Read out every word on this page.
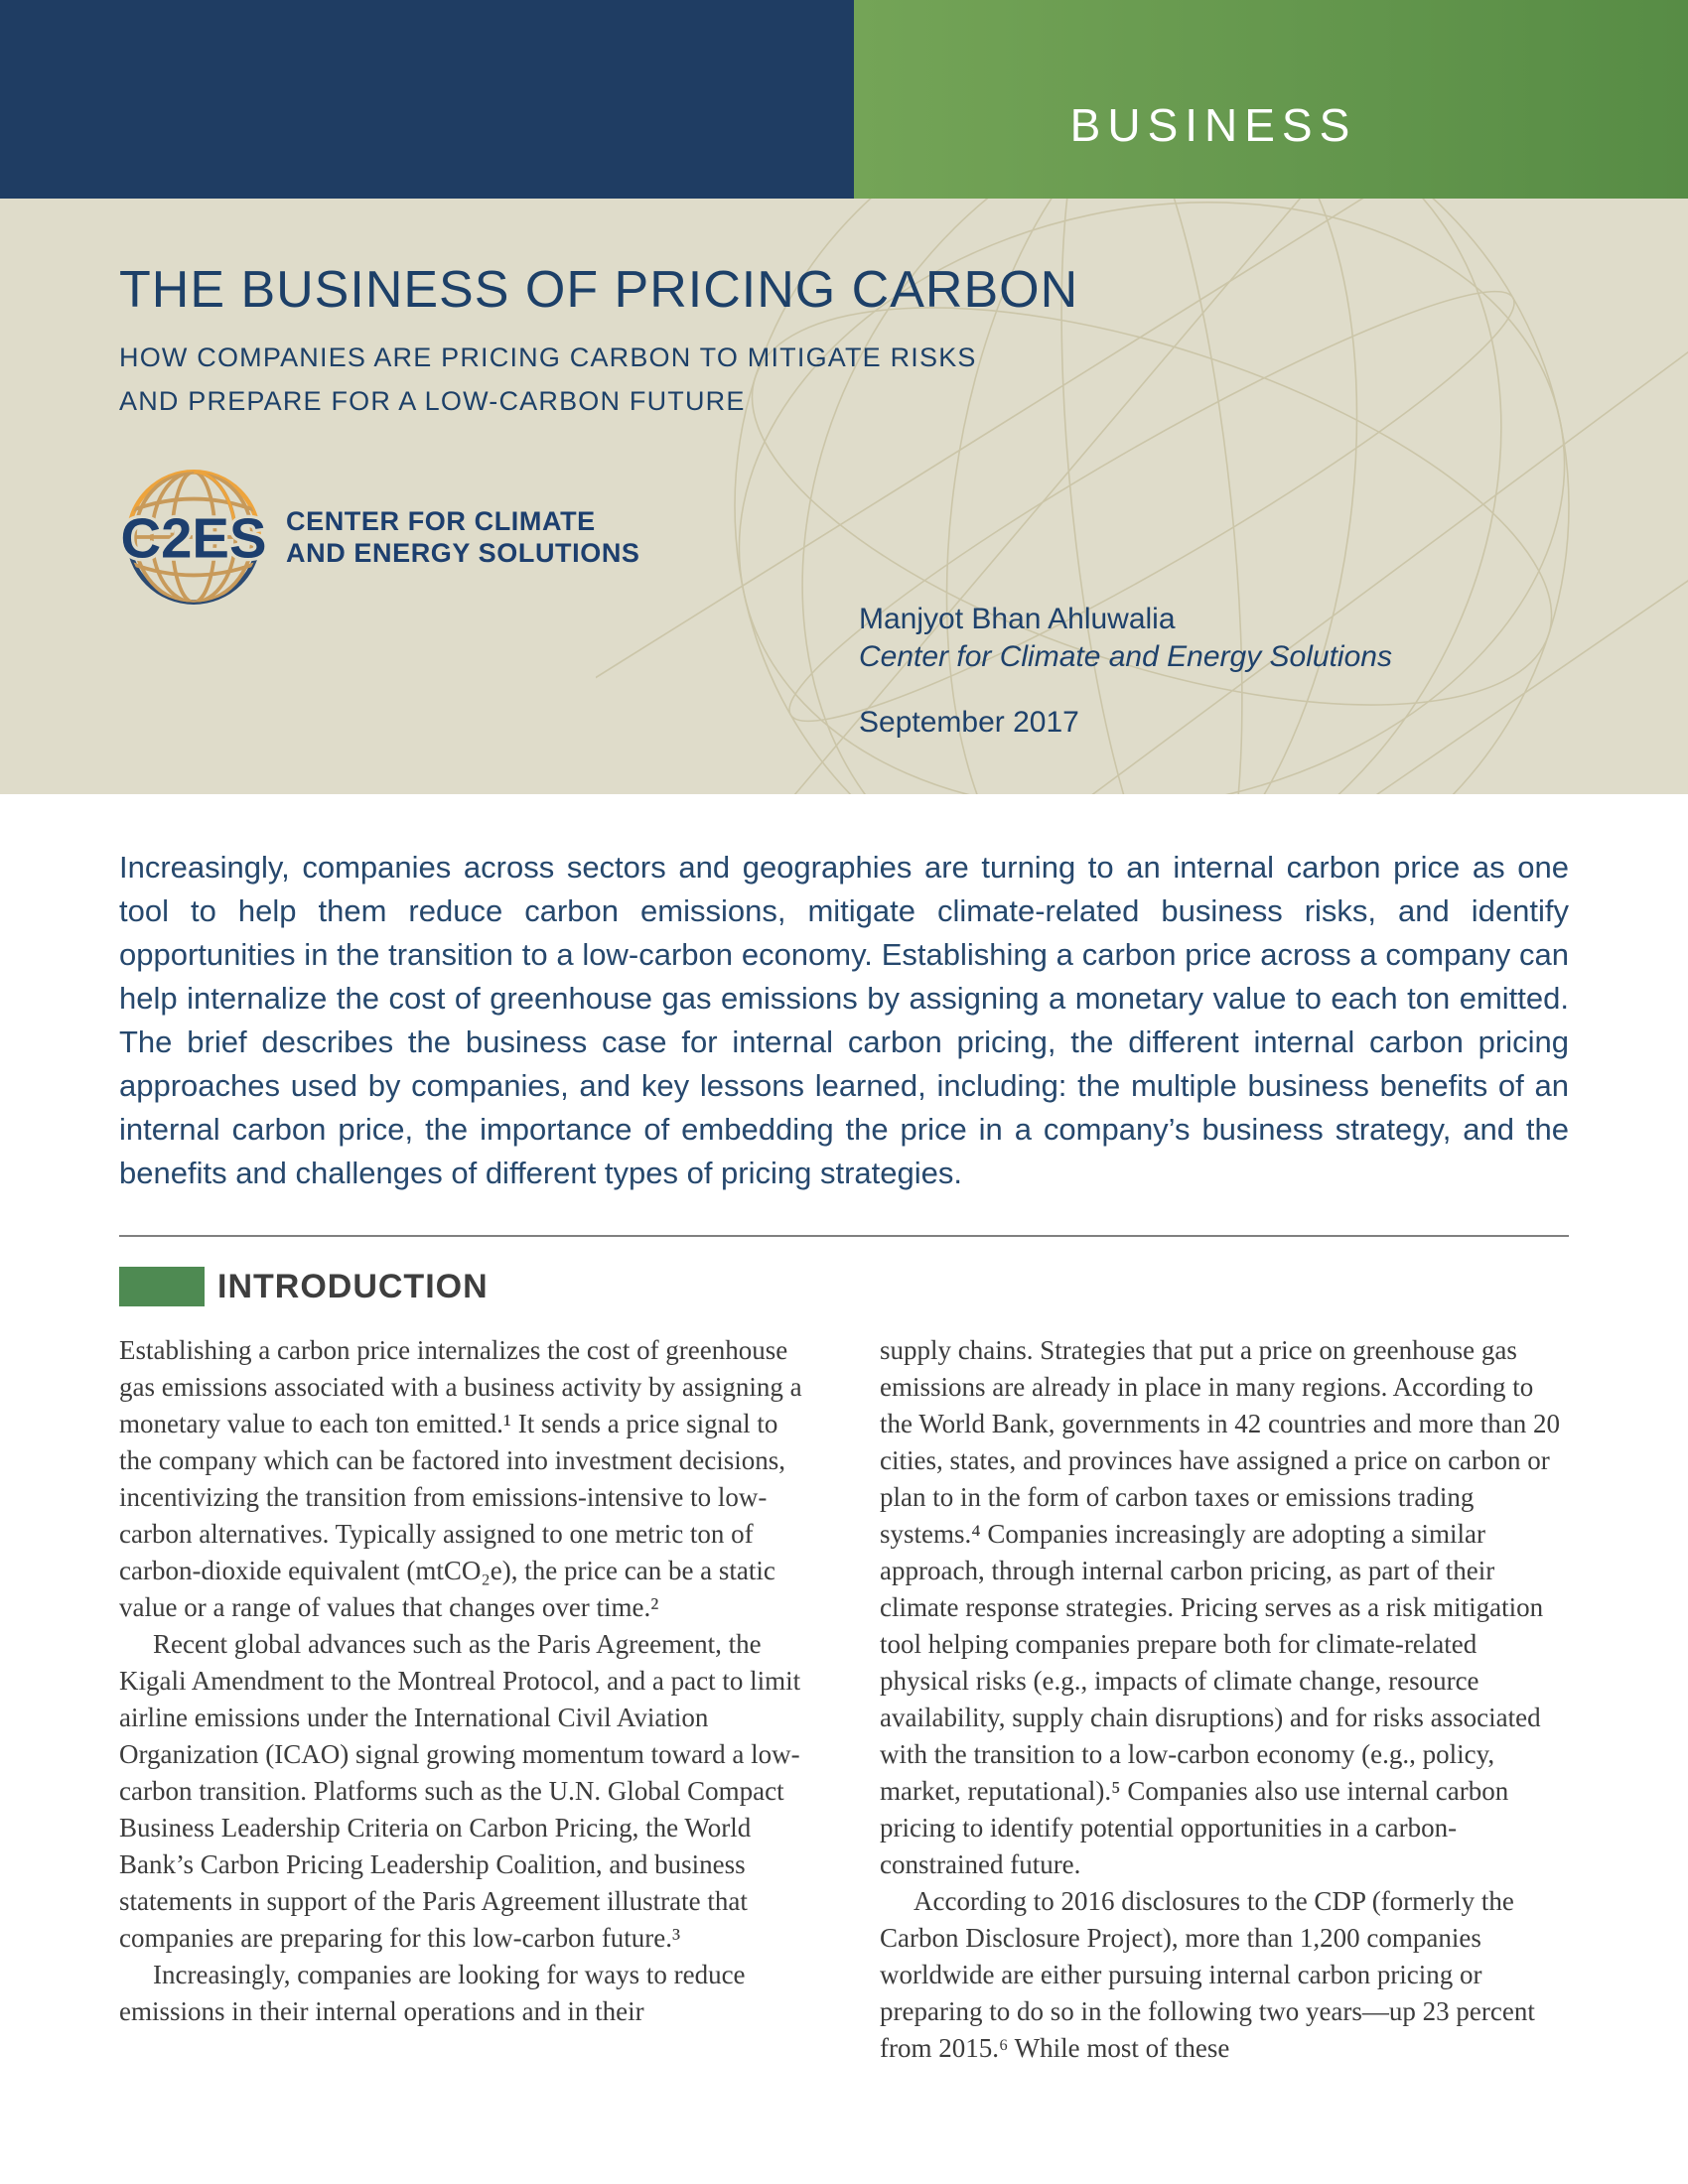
BUSINESS
THE BUSINESS OF PRICING CARBON
HOW COMPANIES ARE PRICING CARBON TO MITIGATE RISKS
AND PREPARE FOR A LOW-CARBON FUTURE
C2ES CENTER FOR CLIMATE
AND ENERGY SOLUTIONS
Manjyot Bhan Ahluwalia
Center for Climate and Energy Solutions
September 2017

Increasingly, companies across sectors and geographies are turning to an internal carbon price as one tool to help them reduce carbon emissions, mitigate climate-related business risks, and identify opportunities in the transition to a low-carbon economy. Establishing a carbon price across a company can help internalize the cost of greenhouse gas emissions by assigning a monetary value to each ton emitted. The brief describes the business case for internal carbon pricing, the different internal carbon pricing approaches used by companies, and key lessons learned, including: the multiple business benefits of an internal carbon price, the importance of embedding the price in a company’s business strategy, and the benefits and challenges of different types of pricing strategies.

INTRODUCTION

Establishing a carbon price internalizes the cost of greenhouse gas emissions associated with a business activity by assigning a monetary value to each ton emitted.¹ It sends a price signal to the company which can be factored into investment decisions, incentivizing the transition from emissions-intensive to low-carbon alternatives. Typically assigned to one metric ton of carbon-dioxide equivalent (mtCO₂e), the price can be a static value or a range of values that changes over time.²

Recent global advances such as the Paris Agreement, the Kigali Amendment to the Montreal Protocol, and a pact to limit airline emissions under the International Civil Aviation Organization (ICAO) signal growing momentum toward a low-carbon transition. Platforms such as the U.N. Global Compact Business Leadership Criteria on Carbon Pricing, the World Bank’s Carbon Pricing Leadership Coalition, and business statements in support of the Paris Agreement illustrate that companies are preparing for this low-carbon future.³

Increasingly, companies are looking for ways to reduce emissions in their internal operations and in their

supply chains. Strategies that put a price on greenhouse gas emissions are already in place in many regions. According to the World Bank, governments in 42 countries and more than 20 cities, states, and provinces have assigned a price on carbon or plan to in the form of carbon taxes or emissions trading systems.⁴ Companies increasingly are adopting a similar approach, through internal carbon pricing, as part of their climate response strategies. Pricing serves as a risk mitigation tool helping companies prepare both for climate-related physical risks (e.g., impacts of climate change, resource availability, supply chain disruptions) and for risks associated with the transition to a low-carbon economy (e.g., policy, market, reputational).⁵ Companies also use internal carbon pricing to identify potential opportunities in a carbon-constrained future.

According to 2016 disclosures to the CDP (formerly the Carbon Disclosure Project), more than 1,200 companies worldwide are either pursuing internal carbon pricing or preparing to do so in the following two years—up 23 percent from 2015.⁶ While most of these
